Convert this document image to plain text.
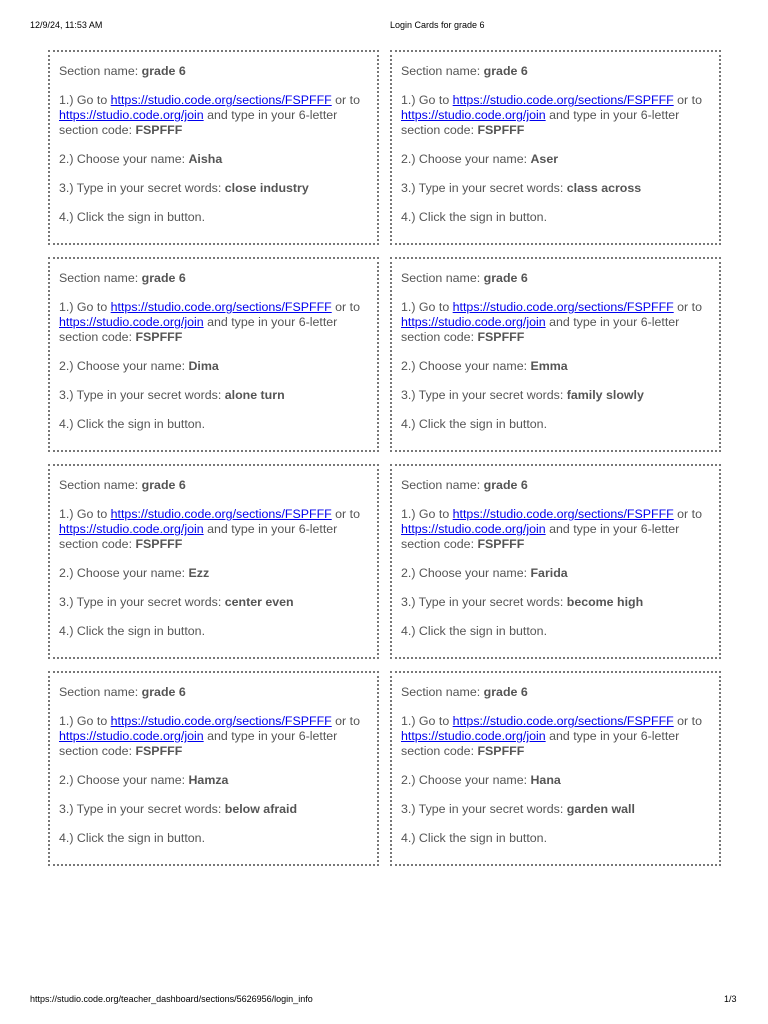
12/9/24, 11:53 AM	Login Cards for grade 6

Section name: grade 6

1.) Go to https://studio.code.org/sections/FSPFFF or to https://studio.code.org/join and type in your 6-letter section code: FSPFFF

2.) Choose your name: Aisha

3.) Type in your secret words: close industry

4.) Click the sign in button.

Section name: grade 6

1.) Go to https://studio.code.org/sections/FSPFFF or to https://studio.code.org/join and type in your 6-letter section code: FSPFFF

2.) Choose your name: Aser

3.) Type in your secret words: class across

4.) Click the sign in button.

Section name: grade 6

1.) Go to https://studio.code.org/sections/FSPFFF or to https://studio.code.org/join and type in your 6-letter section code: FSPFFF

2.) Choose your name: Dima

3.) Type in your secret words: alone turn

4.) Click the sign in button.

Section name: grade 6

1.) Go to https://studio.code.org/sections/FSPFFF or to https://studio.code.org/join and type in your 6-letter section code: FSPFFF

2.) Choose your name: Emma

3.) Type in your secret words: family slowly

4.) Click the sign in button.

Section name: grade 6

1.) Go to https://studio.code.org/sections/FSPFFF or to https://studio.code.org/join and type in your 6-letter section code: FSPFFF

2.) Choose your name: Ezz

3.) Type in your secret words: center even

4.) Click the sign in button.

Section name: grade 6

1.) Go to https://studio.code.org/sections/FSPFFF or to https://studio.code.org/join and type in your 6-letter section code: FSPFFF

2.) Choose your name: Farida

3.) Type in your secret words: become high

4.) Click the sign in button.

Section name: grade 6

1.) Go to https://studio.code.org/sections/FSPFFF or to https://studio.code.org/join and type in your 6-letter section code: FSPFFF

2.) Choose your name: Hamza

3.) Type in your secret words: below afraid

4.) Click the sign in button.

Section name: grade 6

1.) Go to https://studio.code.org/sections/FSPFFF or to https://studio.code.org/join and type in your 6-letter section code: FSPFFF

2.) Choose your name: Hana

3.) Type in your secret words: garden wall

4.) Click the sign in button.

https://studio.code.org/teacher_dashboard/sections/5626956/login_info	1/3
